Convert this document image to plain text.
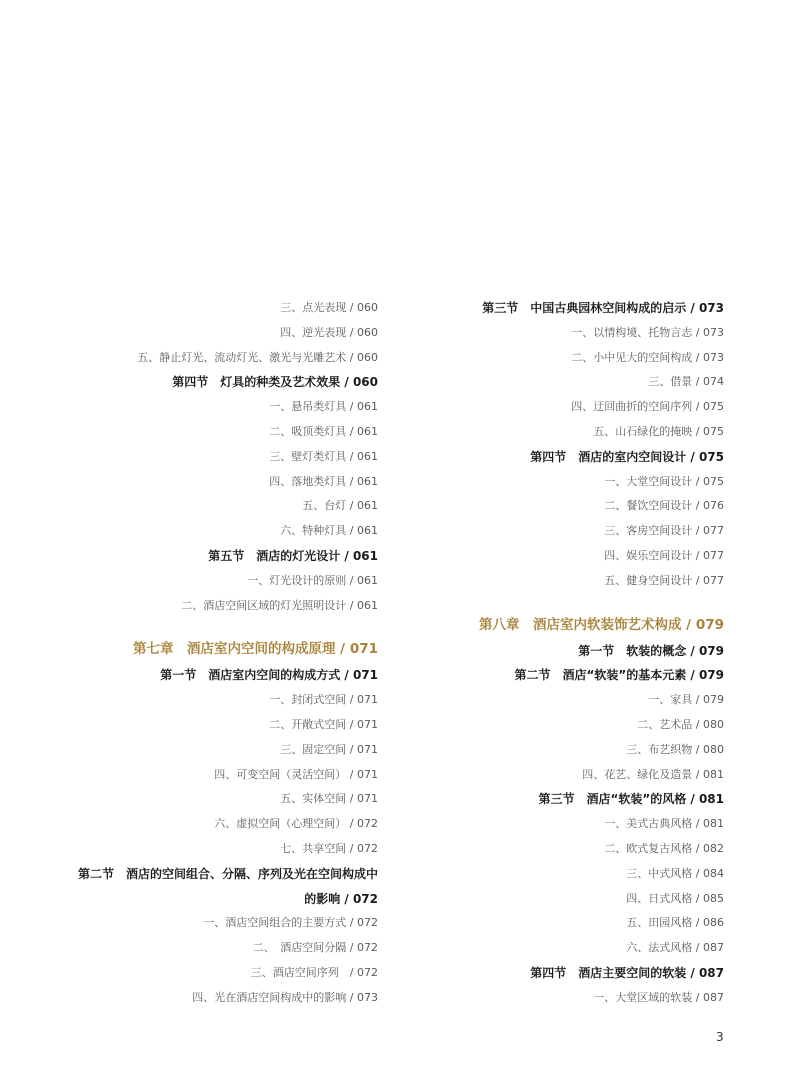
三、点光表现 / 060
四、逆光表现 / 060
五、静止灯光、流动灯光、激光与光雕艺术 / 060
第四节　灯具的种类及艺术效果 / 060
一、悬吊类灯具 / 061
二、吸顶类灯具 / 061
三、壁灯类灯具 / 061
四、落地类灯具 / 061
五、台灯 / 061
六、特种灯具 / 061
第五节　酒店的灯光设计 / 061
一、灯光设计的原则 / 061
二、酒店空间区域的灯光照明设计 / 061
第七章　酒店室内空间的构成原理 / 071
第一节　酒店室内空间的构成方式 / 071
一、封闭式空间 / 071
二、开敞式空间 / 071
三、固定空间 / 071
四、可变空间（灵活空间） / 071
五、实体空间 / 071
六、虚拟空间（心理空间） / 072
七、共享空间 / 072
第二节　酒店的空间组合、分隔、序列及光在空间构成中
的影响 / 072
一、酒店空间组合的主要方式 / 072
二、　酒店空间分隔 / 072
三、酒店空间序列　/ 072
四、光在酒店空间构成中的影响 / 073
第三节　中国古典园林空间构成的启示 / 073
一、以情构境、托物言志 / 073
二、小中见大的空间构成 / 073
三、借景 / 074
四、迂回曲折的空间序列 / 075
五、山石绿化的掩映 / 075
第四节　酒店的室内空间设计 / 075
一、大堂空间设计 / 075
二、餐饮空间设计 / 076
三、客房空间设计 / 077
四、娱乐空间设计 / 077
五、健身空间设计 / 077
第八章　酒店室内软装饰艺术构成 / 079
第一节　软装的概念 / 079
第二节　酒店“软装”的基本元素 / 079
一、家具 / 079
二、艺术品 / 080
三、布艺织物 / 080
四、花艺、绿化及造景 / 081
第三节　酒店“软装”的风格 / 081
一、美式古典风格 / 081
二、欧式复古风格 / 082
三、中式风格 / 084
四、日式风格 / 085
五、田园风格 / 086
六、法式风格 / 087
第四节　酒店主要空间的软装 / 087
一、大堂区域的软装 / 087
3
